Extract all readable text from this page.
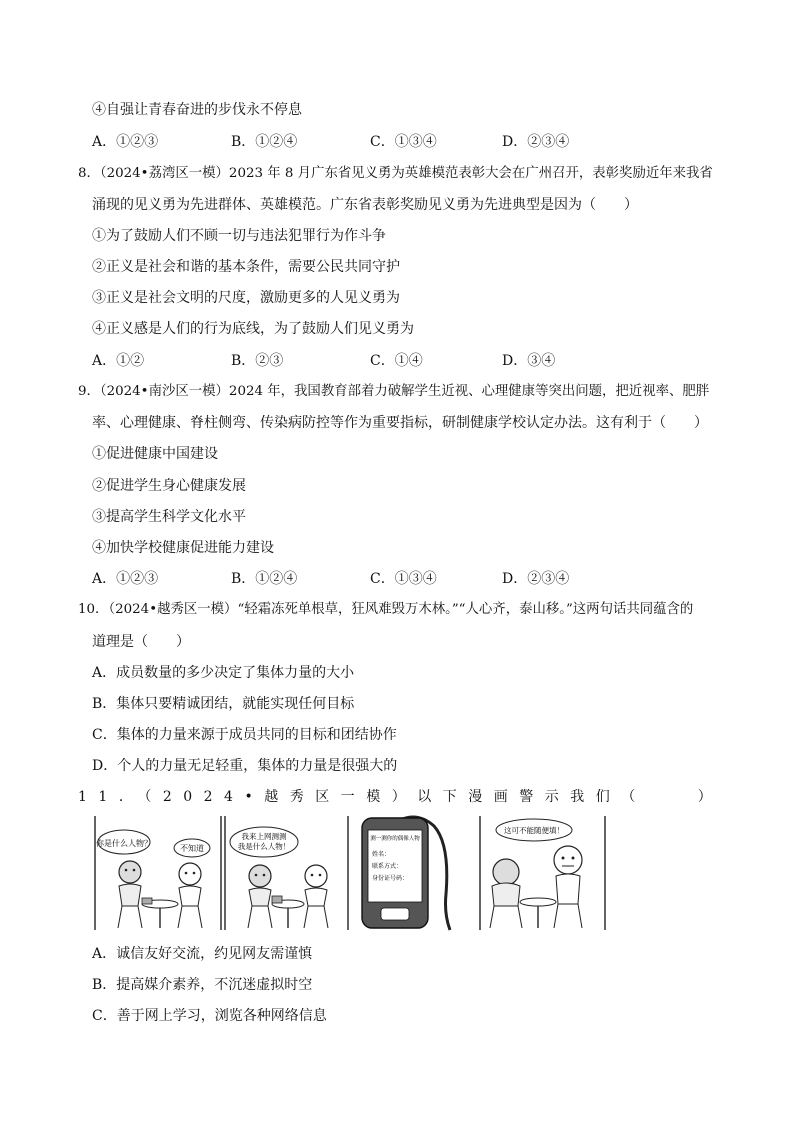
④自强让青春奋进的步伐永不停息
A．①②③	B．①②④	C．①③④	D．②③④
8．（2024•荔湾区一模）2023 年 8 月广东省见义勇为英雄模范表彰大会在广州召开，表彰奖励近年来我省
涌现的见义勇为先进群体、英雄模范。广东省表彰奖励见义勇为先进典型是因为（　　）
①为了鼓励人们不顾一切与违法犯罪行为作斗争
②正义是社会和谐的基本条件，需要公民共同守护
③正义是社会文明的尺度，激励更多的人见义勇为
④正义感是人们的行为底线，为了鼓励人们见义勇为
A．①②	B．②③	C．①④	D．③④
9．（2024•南沙区一模）2024 年，我国教育部着力破解学生近视、心理健康等突出问题，把近视率、肥胖
率、心理健康、脊柱侧弯、传染病防控等作为重要指标，研制健康学校认定办法。这有利于（　　）
①促进健康中国建设
②促进学生身心健康发展
③提高学生科学文化水平
④加快学校健康促进能力建设
A．①②③	B．①②④	C．①③④	D．②③④
10．（2024•越秀区一模）“轻霜冻死单根草，狂风难毁万木林。”“人心齐，泰山移。”这两句话共同蕴含的
道理是（　　）
A．成员数量的多少决定了集体力量的大小
B．集体只要精诚团结，就能实现任何目标
C．集体的力量来源于成员共同的目标和团结协作
D．个人的力量无足轻重，集体的力量是很强大的
11．（2024•越秀区一模）以下漫画警示我们（　　）
你是什么人物？
不知道
我来上网测测
我是什么人物！
测一测你的偶像人物
姓名：
联系方式：
身份证号码：
这可不能随便填！
A．诚信友好交流，约见网友需谨慎
B．提高媒介素养，不沉迷虚拟时空
C．善于网上学习，浏览各种网络信息
